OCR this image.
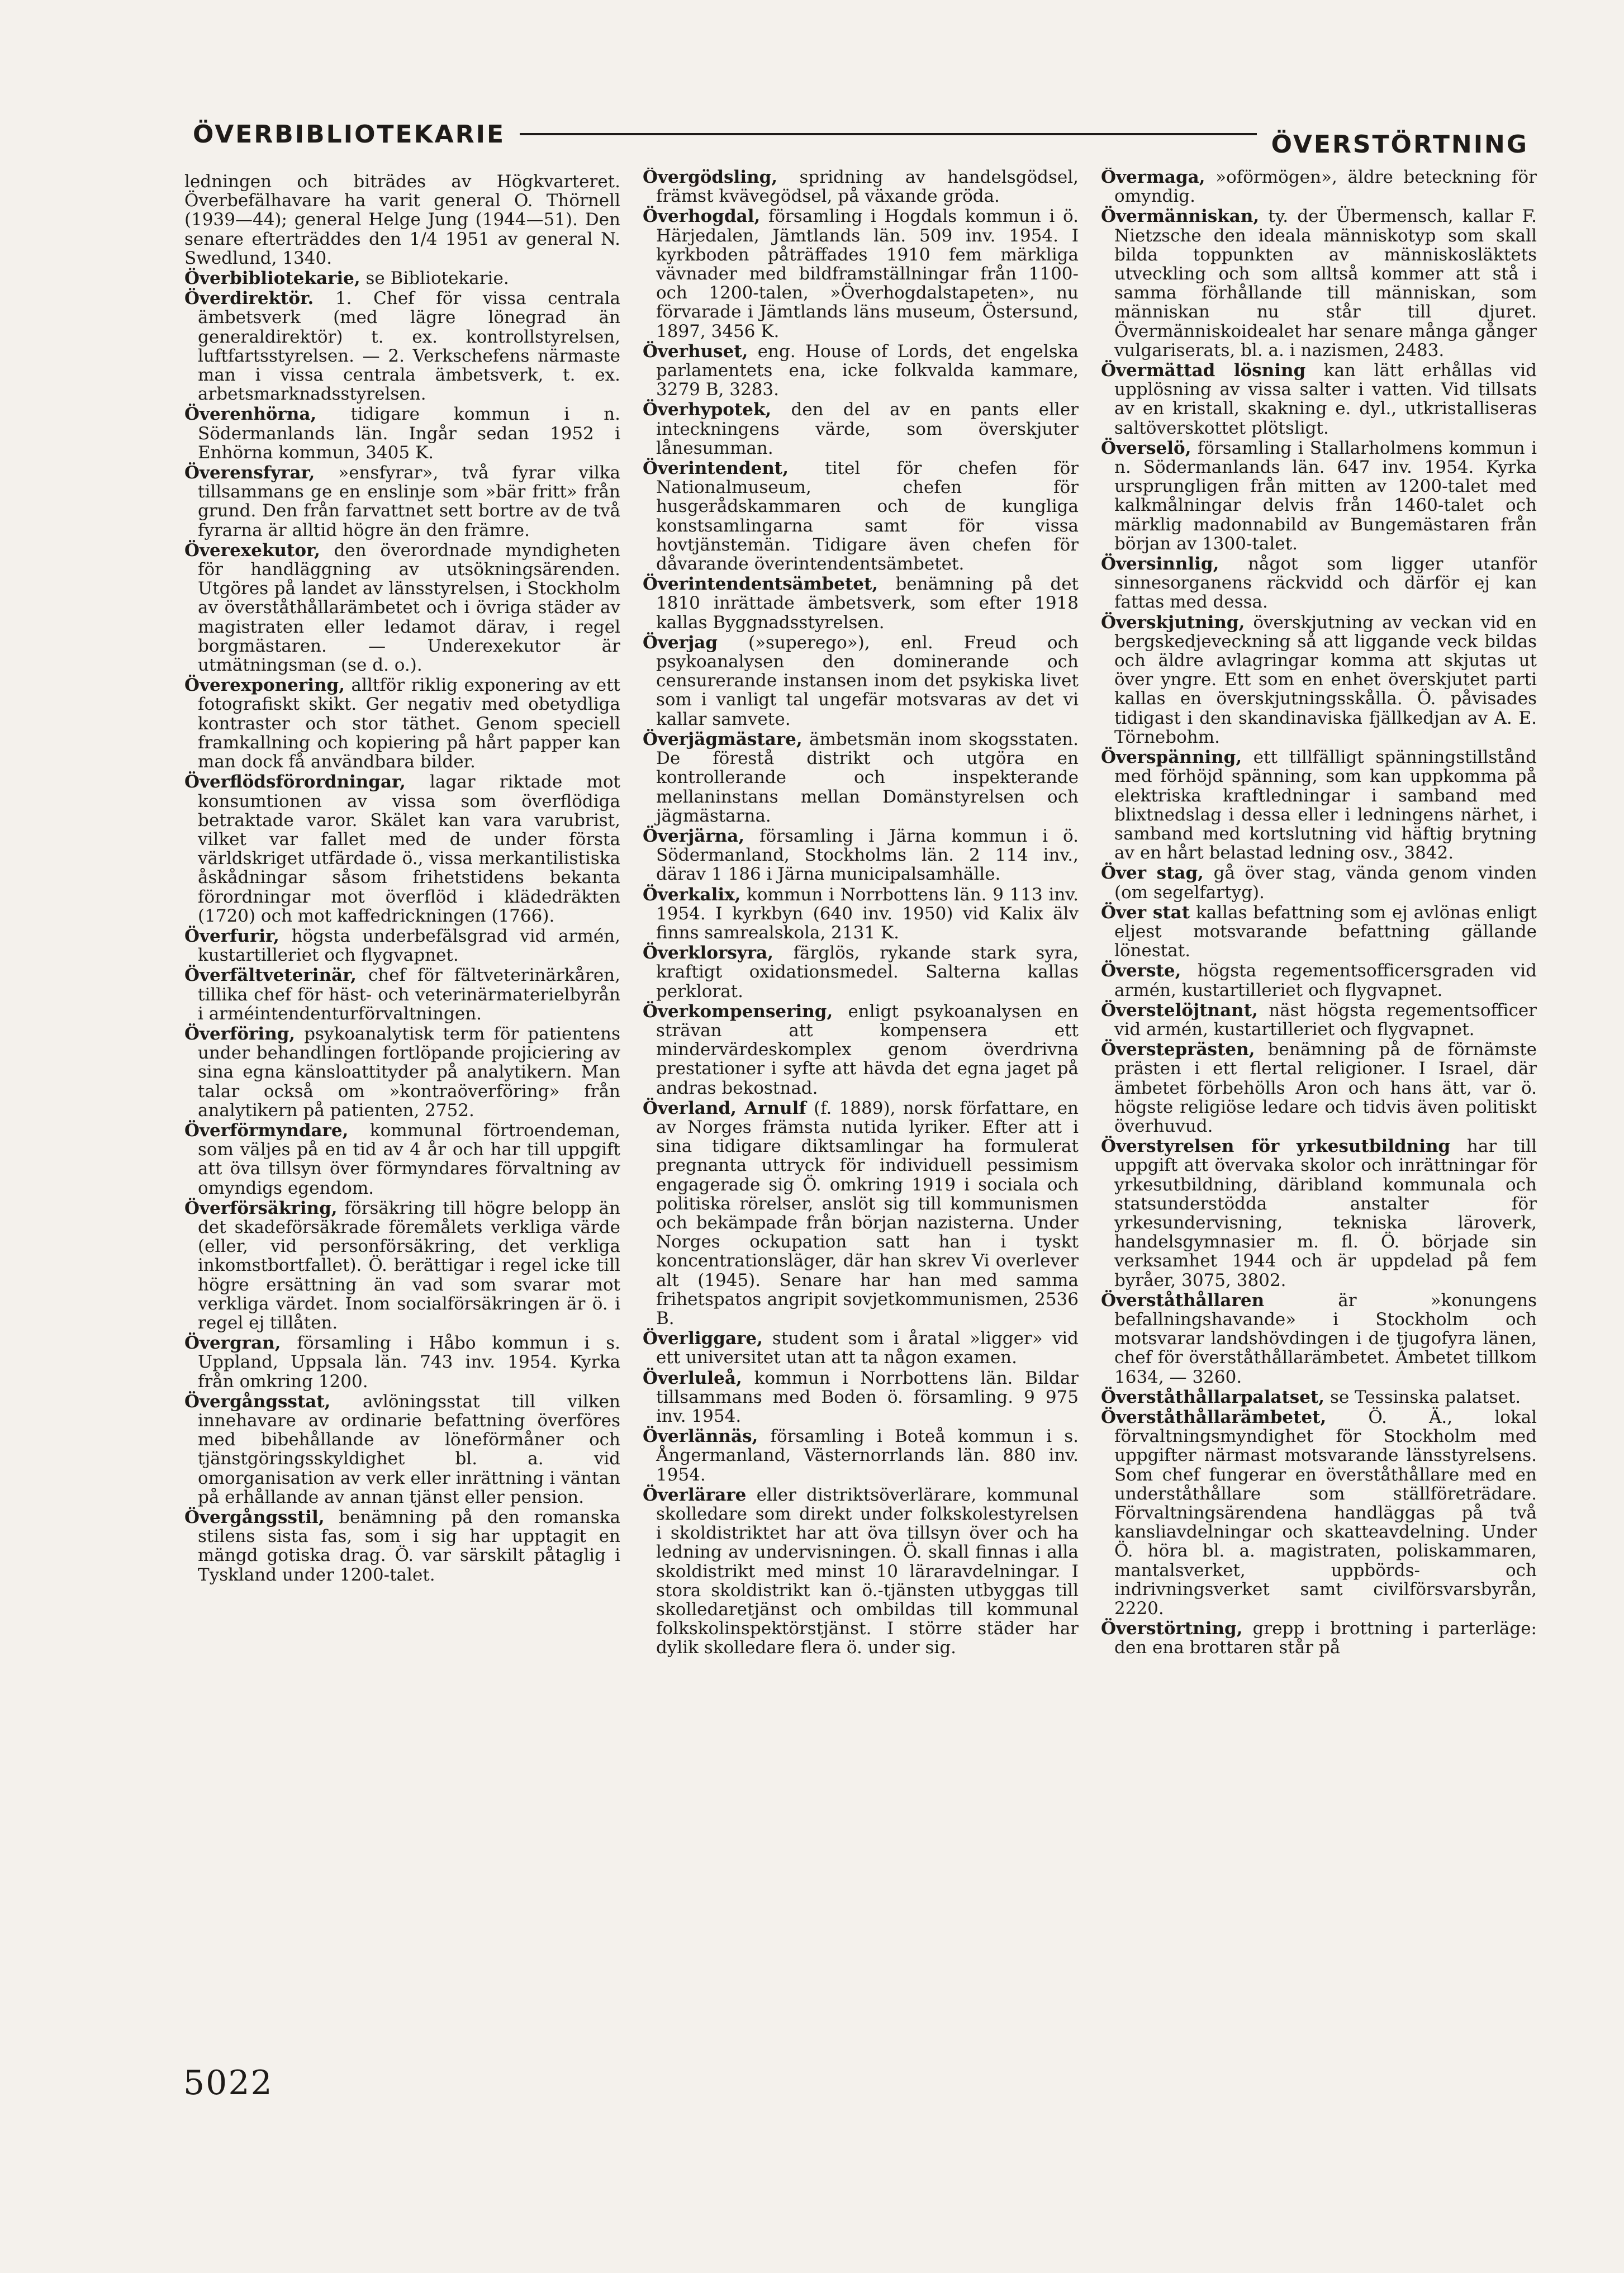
ÖVERBIBLIOTEKARIE	ÖVERSTÖRTNING

ledningen och biträdes av Högkvarteret. Överbefälhavare ha varit general O. Thörnell (1939—44); general Helge Jung (1944—51). Den senare efterträddes den 1/4 1951 av general N. Swedlund, 1340.

Överbibliotekarie, se Bibliotekarie.

Överdirektör. 1. Chef för vissa centrala ämbetsverk (med lägre lönegrad än generaldirektör) t. ex. kontrollstyrelsen, luftfartsstyrelsen. — 2. Verkschefens närmaste man i vissa centrala ämbetsverk, t. ex. arbetsmarknadsstyrelsen.

Överenhörna, tidigare kommun i n. Södermanlands län. Ingår sedan 1952 i Enhörna kommun, 3405 K.

Överensfyrar, »ensfyrar», två fyrar vilka tillsammans ge en enslinje som »bär fritt» från grund. Den från farvattnet sett bortre av de två fyrarna är alltid högre än den främre.

Överexekutor, den överordnade myndigheten för handläggning av utsökningsärenden. Utgöres på landet av länsstyrelsen, i Stockholm av överståthållarämbetet och i övriga städer av magistraten eller ledamot därav, i regel borgmästaren. — Underexekutor är utmätningsman (se d. o.).

Överexponering, alltför riklig exponering av ett fotografiskt skikt. Ger negativ med obetydliga kontraster och stor täthet. Genom speciell framkallning och kopiering på hårt papper kan man dock få användbara bilder.

Överflödsförordningar, lagar riktade mot konsumtionen av vissa som överflödiga betraktade varor. Skälet kan vara varubrist, vilket var fallet med de under första världskriget utfärdade ö., vissa merkantilistiska åskådningar såsom frihetstidens bekanta förordningar mot överflöd i klädedräkten (1720) och mot kaffedrickningen (1766).

Överfurir, högsta underbefälsgrad vid armén, kustartilleriet och flygvapnet.

Överfältveterinär, chef för fältveterinärkåren, tillika chef för häst- och veterinärmaterielbyrån i arméintendenturförvaltningen.

Överföring, psykoanalytisk term för patientens under behandlingen fortlöpande projiciering av sina egna känsloattityder på analytikern. Man talar också om »kontraöverföring» från analytikern på patienten, 2752.

Överförmyndare, kommunal förtroendeman, som väljes på en tid av 4 år och har till uppgift att öva tillsyn över förmyndares förvaltning av omyndigs egendom.

Överförsäkring, försäkring till högre belopp än det skadeförsäkrade föremålets verkliga värde (eller, vid personförsäkring, det verkliga inkomstbortfallet). Ö. berättigar i regel icke till högre ersättning än vad som svarar mot verkliga värdet. Inom socialförsäkringen är ö. i regel ej tillåten.

Övergran, församling i Håbo kommun i s. Uppland, Uppsala län. 743 inv. 1954. Kyrka från omkring 1200.

Övergångsstat, avlöningsstat till vilken innehavare av ordinarie befattning överföres med bibehållande av löneförmåner och tjänstgöringsskyldighet bl. a. vid omorganisation av verk eller inrättning i väntan på erhållande av annan tjänst eller pension.

Övergångsstil, benämning på den romanska stilens sista fas, som i sig har upptagit en mängd gotiska drag. Ö. var särskilt påtaglig i Tyskland under 1200-talet.

Övergödsling, spridning av handelsgödsel, främst kvävegödsel, på växande gröda.

Överhogdal, församling i Hogdals kommun i ö. Härjedalen, Jämtlands län. 509 inv. 1954. I kyrkboden påträffades 1910 fem märkliga vävnader med bildframställningar från 1100- och 1200-talen, »Överhogdalstapeten», nu förvarade i Jämtlands läns museum, Östersund, 1897, 3456 K.

Överhuset, eng. House of Lords, det engelska parlamentets ena, icke folkvalda kammare, 3279 B, 3283.

Överhypotek, den del av en pants eller inteckningens värde, som överskjuter lånesumman.

Överintendent, titel för chefen för Nationalmuseum, chefen för husgerådskammaren och de kungliga konstsamlingarna samt för vissa hovtjänstemän. Tidigare även chefen för dåvarande överintendentsämbetet.

Överintendentsämbetet, benämning på det 1810 inrättade ämbetsverk, som efter 1918 kallas Byggnadsstyrelsen.

Överjag (»superego»), enl. Freud och psykoanalysen den dominerande och censurerande instansen inom det psykiska livet som i vanligt tal ungefär motsvaras av det vi kallar samvete.

Överjägmästare, ämbetsmän inom skogsstaten. De förestå distrikt och utgöra en kontrollerande och inspekterande mellaninstans mellan Domänstyrelsen och jägmästarna.

Överjärna, församling i Järna kommun i ö. Södermanland, Stockholms län. 2 114 inv., därav 1 186 i Järna municipalsamhälle.

Överkalix, kommun i Norrbottens län. 9 113 inv. 1954. I kyrkbyn (640 inv. 1950) vid Kalix älv finns samrealskola, 2131 K.

Överklorsyra, färglös, rykande stark syra, kraftigt oxidationsmedel. Salterna kallas perklorat.

Överkompensering, enligt psykoanalysen en strävan att kompensera ett mindervärdeskomplex genom överdrivna prestationer i syfte att hävda det egna jaget på andras bekostnad.

Överland, Arnulf (f. 1889), norsk författare, en av Norges främsta nutida lyriker. Efter att i sina tidigare diktsamlingar ha formulerat pregnanta uttryck för individuell pessimism engagerade sig Ö. omkring 1919 i sociala och politiska rörelser, anslöt sig till kommunismen och bekämpade från början nazisterna. Under Norges ockupation satt han i tyskt koncentrationsläger, där han skrev Vi overlever alt (1945). Senare har han med samma frihetspatos angripit sovjetkommunismen, 2536 B.

Överliggare, student som i åratal »ligger» vid ett universitet utan att ta någon examen.

Överluleå, kommun i Norrbottens län. Bildar tillsammans med Boden ö. församling. 9 975 inv. 1954.

Överlännäs, församling i Boteå kommun i s. Ångermanland, Västernorrlands län. 880 inv. 1954.

Överlärare eller distriktsöverlärare, kommunal skolledare som direkt under folkskolestyrelsen i skoldistriktet har att öva tillsyn över och ha ledning av undervisningen. Ö. skall finnas i alla skoldistrikt med minst 10 läraravdelningar. I stora skoldistrikt kan ö.-tjänsten utbyggas till skolledaretjänst och ombildas till kommunal folkskolinspektörstjänst. I större städer har dylik skolledare flera ö. under sig.

Övermaga, »oförmögen», äldre beteckning för omyndig.

Övermänniskan, ty. der Übermensch, kallar F. Nietzsche den ideala människotyp som skall bilda toppunkten av människosläktets utveckling och som alltså kommer att stå i samma förhållande till människan, som människan nu står till djuret. Övermänniskoidealet har senare många gånger vulgariserats, bl. a. i nazismen, 2483.

Övermättad lösning kan lätt erhållas vid upplösning av vissa salter i vatten. Vid tillsats av en kristall, skakning e. dyl., utkristalliseras saltöverskottet plötsligt.

Överselö, församling i Stallarholmens kommun i n. Södermanlands län. 647 inv. 1954. Kyrka ursprungligen från mitten av 1200-talet med kalkmålningar delvis från 1460-talet och märklig madonnabild av Bungemästaren från början av 1300-talet.

Översinnlig, något som ligger utanför sinnesorganens räckvidd och därför ej kan fattas med dessa.

Överskjutning, överskjutning av veckan vid en bergskedjeveckning så att liggande veck bildas och äldre avlagringar komma att skjutas ut över yngre. Ett som en enhet överskjutet parti kallas en överskjutningsskålla. Ö. påvisades tidigast i den skandinaviska fjällkedjan av A. E. Törnebohm.

Överspänning, ett tillfälligt spänningstillstånd med förhöjd spänning, som kan uppkomma på elektriska kraftledningar i samband med blixtnedslag i dessa eller i ledningens närhet, i samband med kortslutning vid häftig brytning av en hårt belastad ledning osv., 3842.

Över stag, gå över stag, vända genom vinden (om segelfartyg).

Över stat kallas befattning som ej avlönas enligt eljest motsvarande befattning gällande lönestat.

Överste, högsta regementsofficersgraden vid armén, kustartilleriet och flygvapnet.

Överstelöjtnant, näst högsta regementsofficer vid armén, kustartilleriet och flygvapnet.

Översteprästen, benämning på de förnämste prästen i ett flertal religioner. I Israel, där ämbetet förbehölls Aron och hans ätt, var ö. högste religiöse ledare och tidvis även politiskt överhuvud.

Överstyrelsen för yrkesutbildning har till uppgift att övervaka skolor och inrättningar för yrkesutbildning, däribland kommunala och statsunderstödda anstalter för yrkesundervisning, tekniska läroverk, handelsgymnasier m. fl. Ö. började sin verksamhet 1944 och är uppdelad på fem byråer, 3075, 3802.

Överståthållaren är »konungens befallningshavande» i Stockholm och motsvarar landshövdingen i de tjugofyra länen, chef för överståthållarämbetet. Ämbetet tillkom 1634, — 3260.

Överståthållarpalatset, se Tessinska palatset.

Överståthållarämbetet, Ö. Ä., lokal förvaltningsmyndighet för Stockholm med uppgifter närmast motsvarande länsstyrelsens. Som chef fungerar en överståthållare med en underståthållare som ställföreträdare. Förvaltningsärendena handläggas på två kansliavdelningar och skatteavdelning. Under Ö. höra bl. a. magistraten, poliskammaren, mantalsverket, uppbörds- och indrivningsverket samt civilförsvarsbyrån, 2220.

Överstörtning, grepp i brottning i parterläge: den ena brottaren står på

5022
